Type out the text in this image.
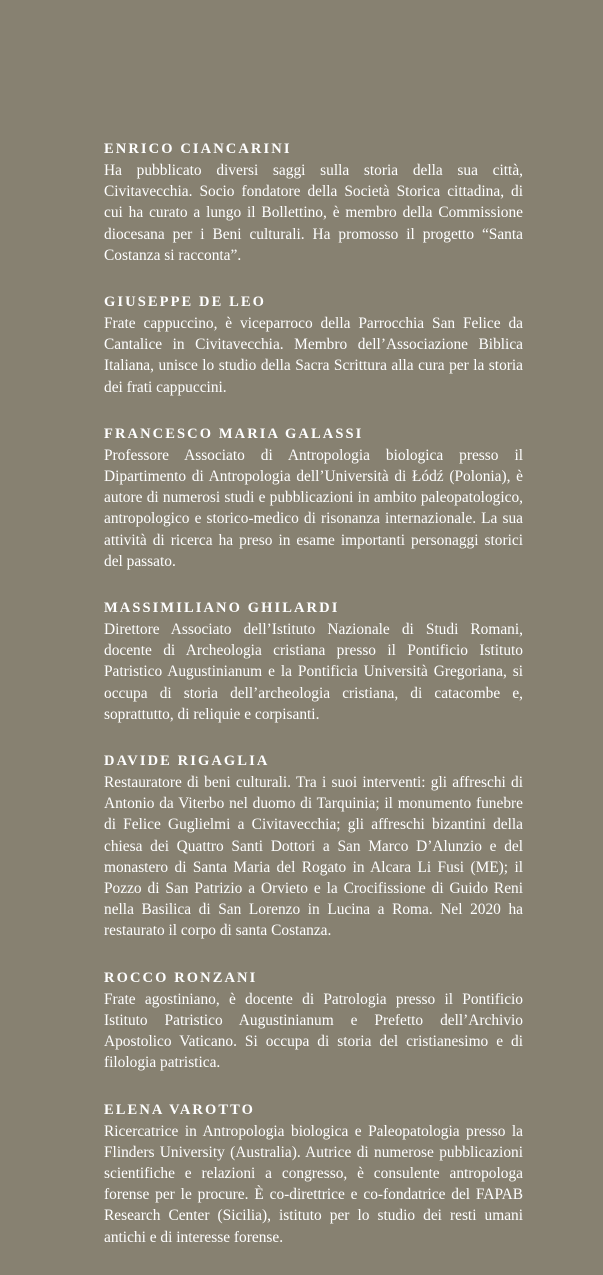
ENRICO CIANCARINI

Ha pubblicato diversi saggi sulla storia della sua città, Civitavecchia. Socio fondatore della Società Storica cittadina, di cui ha curato a lungo il Bollettino, è membro della Commissione diocesana per i Beni culturali. Ha promosso il progetto “Santa Costanza si racconta”.

GIUSEPPE DE LEO

Frate cappuccino, è viceparroco della Parrocchia San Felice da Cantalice in Civitavecchia. Membro dell’Associazione Biblica Italiana, unisce lo studio della Sacra Scrittura alla cura per la storia dei frati cappuccini.

FRANCESCO MARIA GALASSI

Professore Associato di Antropologia biologica presso il Dipartimento di Antropologia dell’Università di Łódź (Polonia), è autore di numerosi studi e pubblicazioni in ambito paleopatologico, antropologico e storico-medico di risonanza internazionale. La sua attività di ricerca ha preso in esame importanti personaggi storici del passato.

MASSIMILIANO GHILARDI

Direttore Associato dell’Istituto Nazionale di Studi Romani, docente di Archeologia cristiana presso il Pontificio Istituto Patristico Augustinianum e la Pontificia Università Gregoriana, si occupa di storia dell’archeologia cristiana, di catacombe e, soprattutto, di reliquie e corpisanti.

DAVIDE RIGAGLIA

Restauratore di beni culturali. Tra i suoi interventi: gli affreschi di Antonio da Viterbo nel duomo di Tarquinia; il monumento funebre di Felice Guglielmi a Civitavecchia; gli affreschi bizantini della chiesa dei Quattro Santi Dottori a San Marco D’Alunzio e del monastero di Santa Maria del Rogato in Alcara Li Fusi (ME); il Pozzo di San Patrizio a Orvieto e la Crocifissione di Guido Reni nella Basilica di San Lorenzo in Lucina a Roma. Nel 2020 ha restaurato il corpo di santa Costanza.

ROCCO RONZANI

Frate agostiniano, è docente di Patrologia presso il Pontificio Istituto Patristico Augustinianum e Prefetto dell’Archivio Apostolico Vaticano. Si occupa di storia del cristianesimo e di filologia patristica.

ELENA VAROTTO

Ricercatrice in Antropologia biologica e Paleopatologia presso la Flinders University (Australia). Autrice di numerose pubblicazioni scientifiche e relazioni a congresso, è consulente antropologa forense per le procure. È co-direttrice e co-fondatrice del FAPAB Research Center (Sicilia), istituto per lo studio dei resti umani antichi e di interesse forense.
